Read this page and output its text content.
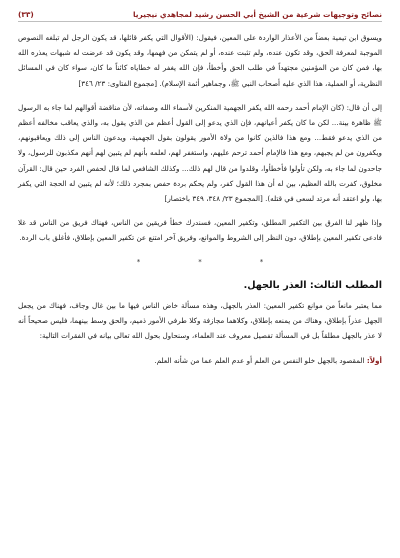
نصائح وتوجيهات شرعية من الشيخ أبي الحسن رشيد لمجاهدي نيجيريا
(٣٣)

ويسوق ابن تيمية بعضاً من الأعذار الواردة على المعين، فيقول: (الأقوال التي يكفر قائلها، قد يكون الرجل لم تبلغه النصوص الموجبة لمعرفة الحق، وقد تكون عنده، ولم تثبت عنده، أو لم يتمكن من فهمها، وقد يكون قد عرضت له شبهات يعذره الله بها، فمن كان من المؤمنين مجتهداً في طلب الحق وأخطأ، فإن الله يغفر له خطاياه كائناً ما كان، سواء كان في المسائل النظرية، أو العملية، هذا الذي عليه أصحاب النبي ﷺ، وجماهير أئمة الإسلام). [مجموع الفتاوى: ٢٣/ ٣٤٦]

إلى أن قال: (كان الإمام أحمد رحمه الله يكفر الجهمية المنكرين لأسماء الله وصفاته، لأن مناقضة أقوالهم لما جاء به الرسول ﷺ ظاهرة بينة... لكن ما كان يكفر أعيانهم، فإن الذي يدعو إلى القول أعظم من الذي يقول به، والذي يعاقب مخالفه أعظم من الذي يدعو فقط... ومع هذا فالذين كانوا من ولاة الأمور يقولون بقول الجهمية، ويدعون الناس إلى ذلك ويعاقبونهم، ويكفرون من لم يجبهم، ومع هذا فالإمام أحمد ترحم عليهم، واستغفر لهم، لعلمه بأنهم لم يتبين لهم أنهم مكذبون للرسول، ولا جاحدون لما جاء به، ولكن تأولوا فأخطأوا، وقلدوا من قال لهم ذلك... وكذلك الشافعي لما قال لحفص الفرد حين قال: القرآن مخلوق، كفرت بالله العظيم، بين له أن هذا القول كفر، ولم يحكم بردة حفص بمجرد ذلك؛ لأنه لم يتبين له الحجة التي يكفر بها، ولو اعتقد أنه مرتد لسعى في قتله). [المجموع ٢٣/ ٣٤٨، ٣٤٩ باختصار]

وإذا ظهر لنا الفرق بين التكفير المطلق، وتكفير المعين، فسندرك خطأ فريقين من الناس، فهناك فريق من الناس قد غلا فادعى تكفير المعين بإطلاق، دون النظر إلى الشروط والموانع، وفريق آخر امتنع عن تكفير المعين بإطلاق، فأغلق باب الردة.

*
*
*
المطلب الثالث: العذر بالجهل.

مما يعتبر مانعاً من موانع تكفير المعين: العذر بالجهل، وهذه مسألة خاض الناس فيها ما بين غال وجاف، فهناك من يجعل الجهل عذراً بإطلاق، وهناك من يمنعه بإطلاق، وكلاهما مجازفة وكلا طرفي الأمور ذميم، والحق وسط بينهما، فليس صحيحاً أنه لا عذر بالجهل مطلقاً بل في المسألة تفصيل معروف عند العلماء، وسنحاول بحول الله تعالى بيانه في الفقرات التالية:

أولاً: المقصود بالجهل خلو النفس من العلم أو عدم العلم عما من شأنه العلم.
